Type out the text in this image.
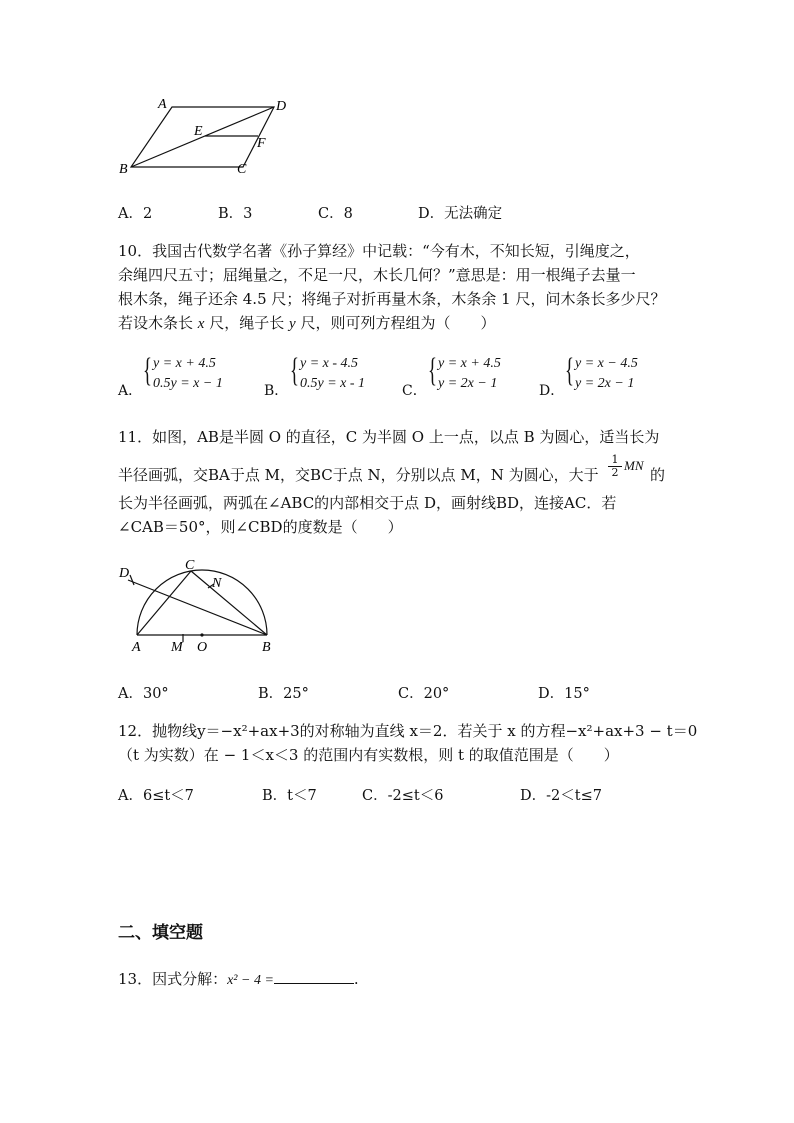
A	D
E
F
B	C
A．2	B．3	C．8	D．无法确定
10．我国古代数学名著《孙子算经》中记载：“今有木，不知长短，引绳度之，
余绳四尺五寸；屈绳量之，不足一尺，木长几何？”意思是：用一根绳子去量一
根木条，绳子还余 4.5 尺；将绳子对折再量木条，木条余 1 尺，问木条长多少尺？
若设木条长 x 尺，绳子长 y 尺，则可列方程组为（　　）
A．
{ y = x + 4.5
0.5y = x − 1	B．
{ y = x - 4.5
0.5y = x - 1	C．
{ y = x + 4.5
y = 2x − 1	D．
{ y = x − 4.5
y = 2x − 1
11．如图，AB是半圆 O 的直径，C 为半圆 O 上一点，以点 B 为圆心，适当长为
半径画弧，交BA于点 M，交BC于点 N，分别以点 M，N 为圆心，大于
1
2 MN
的
长为半径画弧，两弧在∠ABC的内部相交于点 D，画射线BD，连接AC．若
∠CAB＝50°，则∠CBD的度数是（　　）
D
C
N
A M O	B
A．30°	B．25°	C．20°	D．15°
12．抛物线y＝−x²+ax+3的对称轴为直线 x＝2．若关于 x 的方程−x²+ax+3 − t＝0
（t 为实数）在 − 1＜x＜3 的范围内有实数根，则 t 的取值范围是（　　）
A．6≤t＜7	B．t＜7	C．-2≤t＜6	D．-2＜t≤7
二、填空题
13．因式分解：x² − 4 =	.
